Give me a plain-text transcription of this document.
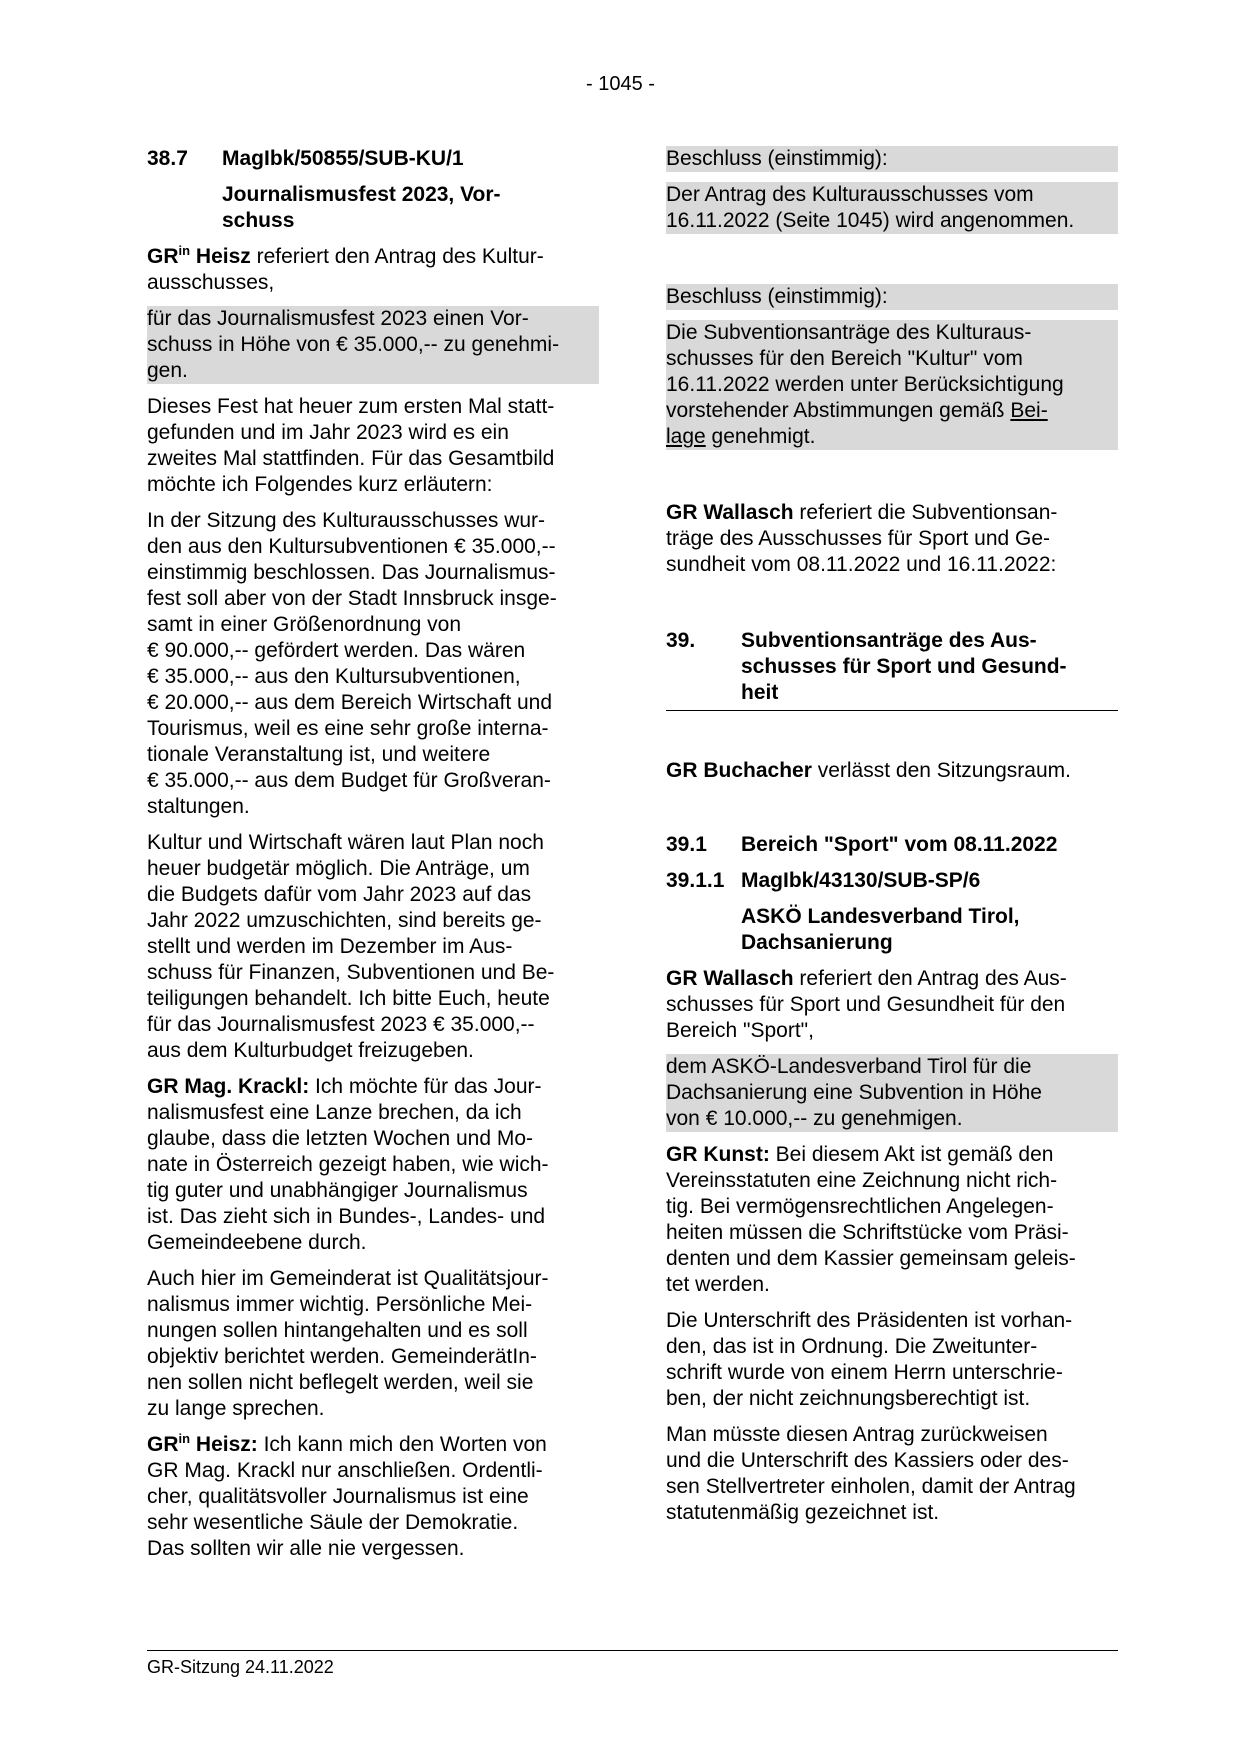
- 1045 -
38.7	MagIbk/50855/SUB-KU/1
Journalismusfest 2023, Vor-
schuss

$GR^{in}$ Heisz referiert den Antrag des Kultur-
ausschusses,

für das Journalismusfest 2023 einen Vor-
schuss in Höhe von € 35.000,-- zu genehmi-
gen.

Dieses Fest hat heuer zum ersten Mal statt-
gefunden und im Jahr 2023 wird es ein
zweites Mal stattfinden. Für das Gesamtbild
möchte ich Folgendes kurz erläutern:

In der Sitzung des Kulturausschusses wur-
den aus den Kultursubventionen € 35.000,--
einstimmig beschlossen. Das Journalismus-
fest soll aber von der Stadt Innsbruck insge-
samt in einer Größenordnung von
€ 90.000,-- gefördert werden. Das wären
€ 35.000,-- aus den Kultursubventionen,
€ 20.000,-- aus dem Bereich Wirtschaft und
Tourismus, weil es eine sehr große interna-
tionale Veranstaltung ist, und weitere
€ 35.000,-- aus dem Budget für Großveran-
staltungen.

Kultur und Wirtschaft wären laut Plan noch
heuer budgetär möglich. Die Anträge, um
die Budgets dafür vom Jahr 2023 auf das
Jahr 2022 umzuschichten, sind bereits ge-
stellt und werden im Dezember im Aus-
schuss für Finanzen, Subventionen und Be-
teiligungen behandelt. Ich bitte Euch, heute
für das Journalismusfest 2023 € 35.000,--
aus dem Kulturbudget freizugeben.

GR Mag. Krackl: Ich möchte für das Jour-
nalismusfest eine Lanze brechen, da ich
glaube, dass die letzten Wochen und Mo-
nate in Österreich gezeigt haben, wie wich-
tig guter und unabhängiger Journalismus
ist. Das zieht sich in Bundes-, Landes- und
Gemeindeebene durch.

Auch hier im Gemeinderat ist Qualitätsjour-
nalismus immer wichtig. Persönliche Mei-
nungen sollen hintangehalten und es soll
objektiv berichtet werden. GemeinderätIn-
nen sollen nicht beflegelt werden, weil sie
zu lange sprechen.

$GR^{in}$ Heisz: Ich kann mich den Worten von
GR Mag. Krackl nur anschließen. Ordentli-
cher, qualitätsvoller Journalismus ist eine
sehr wesentliche Säule der Demokratie.
Das sollten wir alle nie vergessen.

Beschluss (einstimmig):

Der Antrag des Kulturausschusses vom
16.11.2022 (Seite 1045) wird angenommen.

Beschluss (einstimmig):

Die Subventionsanträge des Kulturaus-
schusses für den Bereich "Kultur" vom
16.11.2022 werden unter Berücksichtigung
vorstehender Abstimmungen gemäß Bei-
lage genehmigt.

GR Wallasch referiert die Subventionsan-
träge des Ausschusses für Sport und Ge-
sundheit vom 08.11.2022 und 16.11.2022:

39.	Subventionsanträge des Aus-
schusses für Sport und Gesund-
heit

GR Buchacher verlässt den Sitzungsraum.

39.1	Bereich "Sport" vom 08.11.2022
39.1.1 MagIbk/43130/SUB-SP/6
ASKÖ Landesverband Tirol,
Dachsanierung

GR Wallasch referiert den Antrag des Aus-
schusses für Sport und Gesundheit für den
Bereich "Sport",

dem ASKÖ-Landesverband Tirol für die
Dachsanierung eine Subvention in Höhe
von € 10.000,-- zu genehmigen.

GR Kunst: Bei diesem Akt ist gemäß den
Vereinsstatuten eine Zeichnung nicht rich-
tig. Bei vermögensrechtlichen Angelegen-
heiten müssen die Schriftstücke vom Präsi-
denten und dem Kassier gemeinsam geleis-
tet werden.

Die Unterschrift des Präsidenten ist vorhan-
den, das ist in Ordnung. Die Zweitunter-
schrift wurde von einem Herrn unterschrie-
ben, der nicht zeichnungsberechtigt ist.

Man müsste diesen Antrag zurückweisen
und die Unterschrift des Kassiers oder des-
sen Stellvertreter einholen, damit der Antrag
statutenmäßig gezeichnet ist.

GR-Sitzung 24.11.2022
